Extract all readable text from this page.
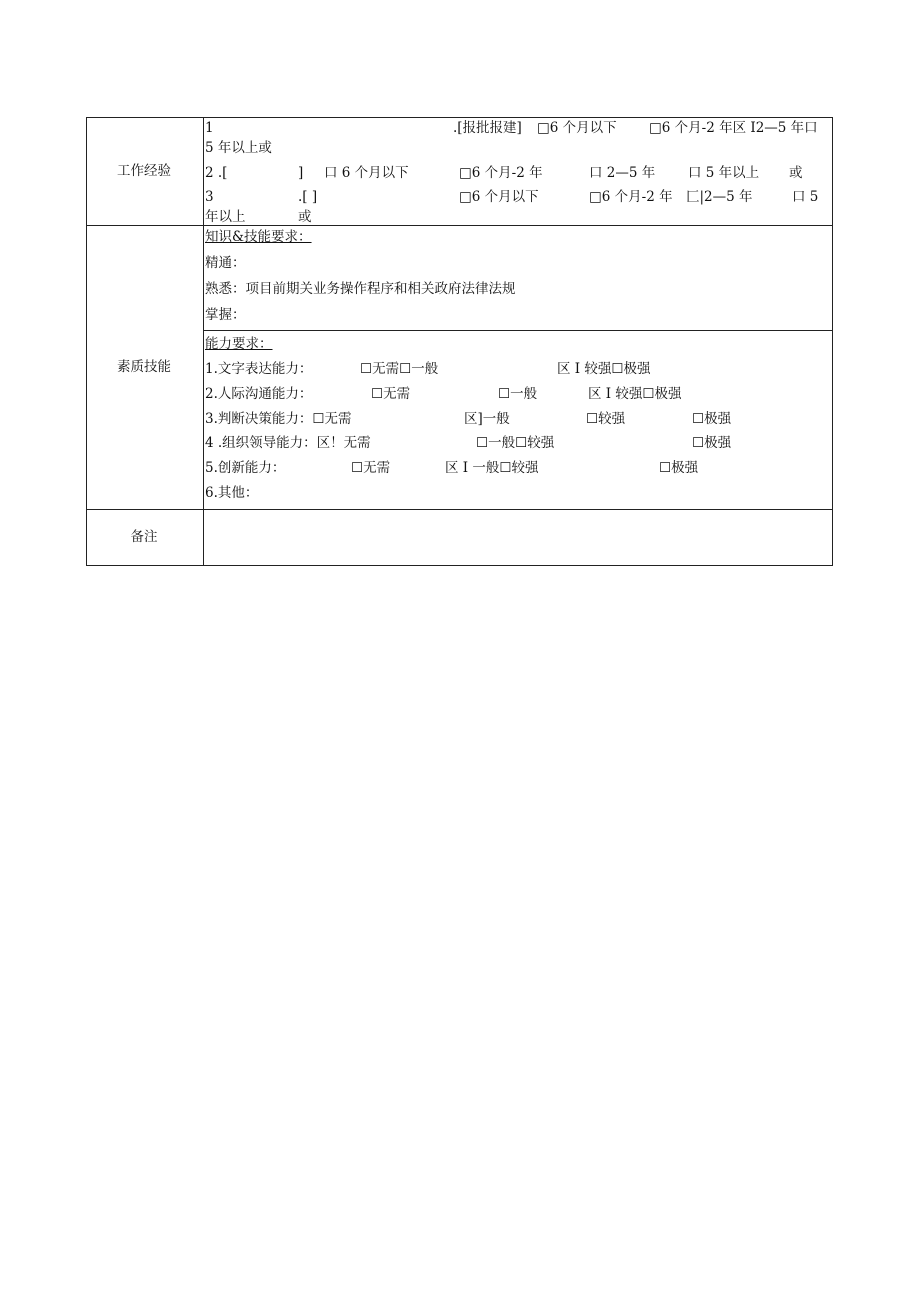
工作经验
1	.[报批报建] □6 个月以下 □6 个月-2 年区 I2—5 年口
5 年以上或
2 .[	] 口 6 个月以下	□6 个月-2 年	口 2—5 年 口 5 年以上 或
3	.[ ]	□6 个月以下	□6 个月-2 年 匚|2—5 年	口 5
年以上	或
素质技能
知识&技能要求：
精通：
熟悉：项目前期关业务操作程序和相关政府法律法规
掌握：
能力要求：
1.文字表达能力：	☐无需☐一般	区 I 较强☐极强
2.人际沟通能力：	☐无需	☐一般	区 I 较强☐极强
3.判断决策能力：☐无需	区]一般	☐较强	☐极强
4 .组织领导能力：区！无需	☐一般☐较强	☐极强
5.创新能力：	☐无需	区 I 一般☐较强	☐极强
6.其他：
备注
